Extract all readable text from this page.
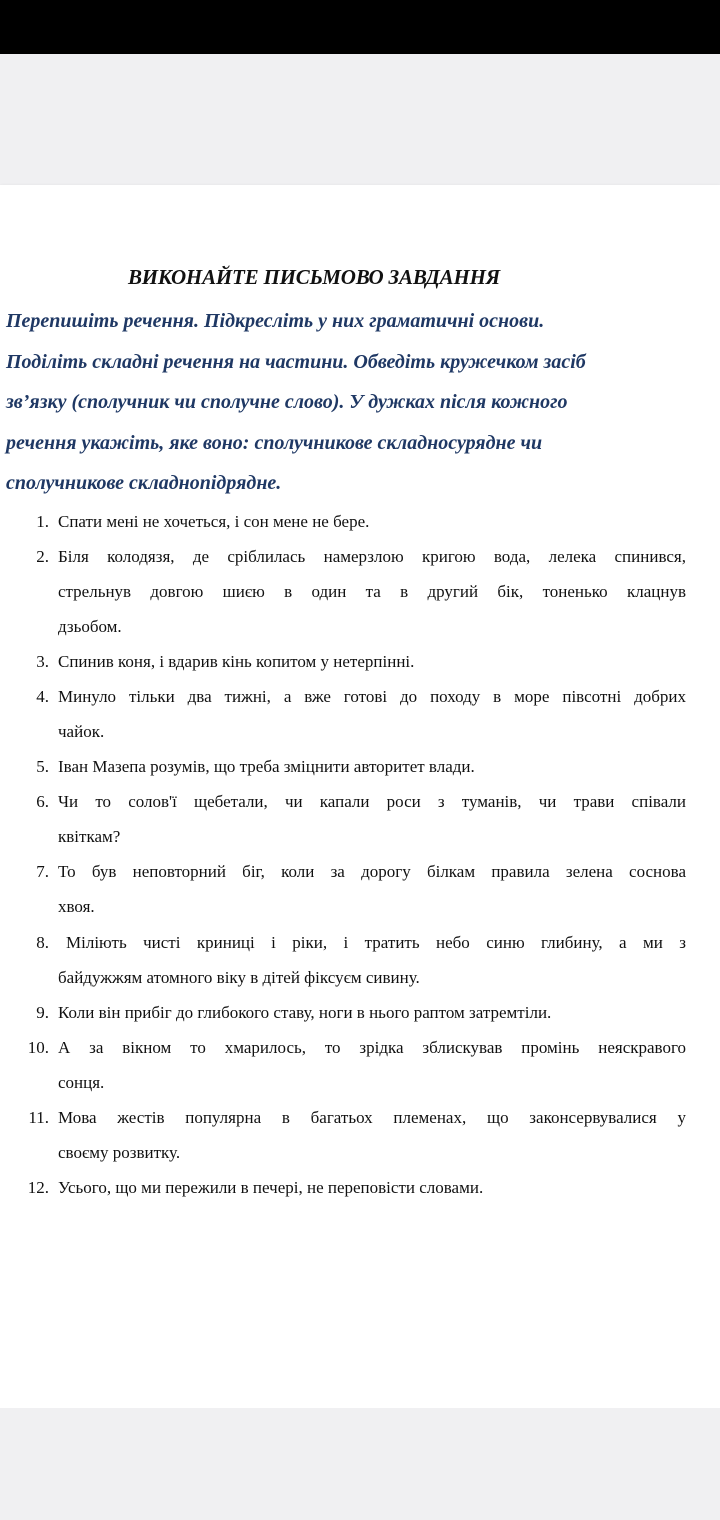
ВИКОНАЙТЕ ПИСЬМОВО ЗАВДАННЯ
Перепишіть речення. Підкресліть у них граматичні основи.
Поділіть складні речення на частини. Обведіть кружечком засіб
зв’язку (сполучник чи сполучне слово). У дужках після кожного
речення укажіть, яке воно: сполучникове складносурядне чи
сполучникове складнопідрядне.
1. Спати мені не хочеться, і сон мене не бере.
2. Біля колодязя, де сріблилась намерзлою кригою вода, лелека спинився,
стрельнув довгою шиєю в один та в другий бік, тоненько клацнув
дзьобом.
3. Спинив коня, і вдарив кінь копитом у нетерпінні.
4. Минуло тільки два тижні, а вже готові до походу в море півсотні добрих
чайок.
5. Іван Мазепа розумів, що треба зміцнити авторитет влади.
6. Чи то солов'ї щебетали, чи капали роси з туманів, чи трави співали
квіткам?
7. То був неповторний біг, коли за дорогу білкам правила зелена соснова
хвоя.
8. Міліють чисті криниці і ріки, і тратить небо синю глибину, а ми з
байдужжям атомного віку в дітей фіксуєм сивину.
9. Коли він прибіг до глибокого ставу, ноги в нього раптом затремтіли.
10. А за вікном то хмарилось, то зрідка зблискував промінь неяскравого
сонця.
11. Мова жестів популярна в багатьох племенах, що законсервувалися у
своєму розвитку.
12. Усього, що ми пережили в печері, не переповісти словами.
